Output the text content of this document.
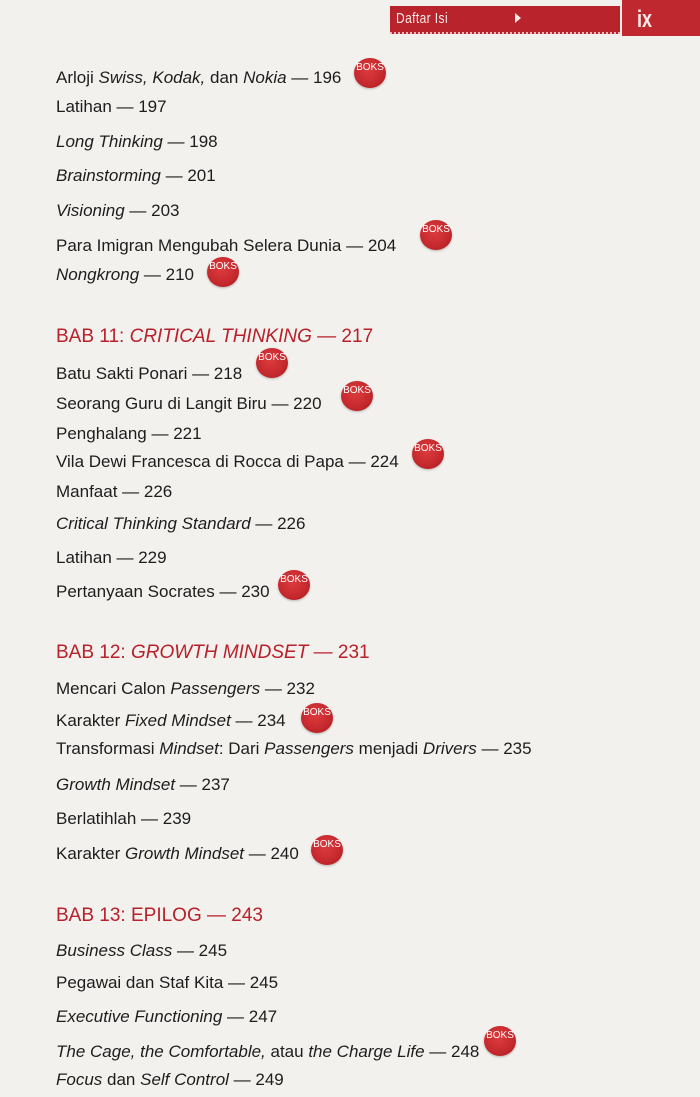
Daftar Isi	ix
Arloji Swiss, Kodak, dan Nokia — 196
BOKS
Latihan — 197
Long Thinking — 198
Brainstorming — 201
Visioning — 203
Para Imigran Mengubah Selera Dunia — 204
BOKS
Nongkrong — 210 BOKS
BAB 11: CRITICAL THINKING — 217
Batu Sakti Ponari — 218
BOKS
Seorang Guru di Langit Biru — 220
BOKS
Penghalang — 221
Vila Dewi Francesca di Rocca di Papa — 224
BOKS
Manfaat — 226
Critical Thinking Standard — 226
Latihan — 229
Pertanyaan Socrates — 230
BOKS
BAB 12: GROWTH MINDSET — 231
Mencari Calon Passengers — 232
Karakter Fixed Mindset — 234 BOKS
Transformasi Mindset: Dari Passengers menjadi Drivers — 235
Growth Mindset — 237
Berlatihlah — 239
Karakter Growth Mindset — 240 BOKS
BAB 13: EPILOG — 243
Business Class — 245
Pegawai dan Staf Kita — 245
Executive Functioning — 247
The Cage, the Comfortable, atau the Charge Life — 248
BOKS
Focus dan Self Control — 249
